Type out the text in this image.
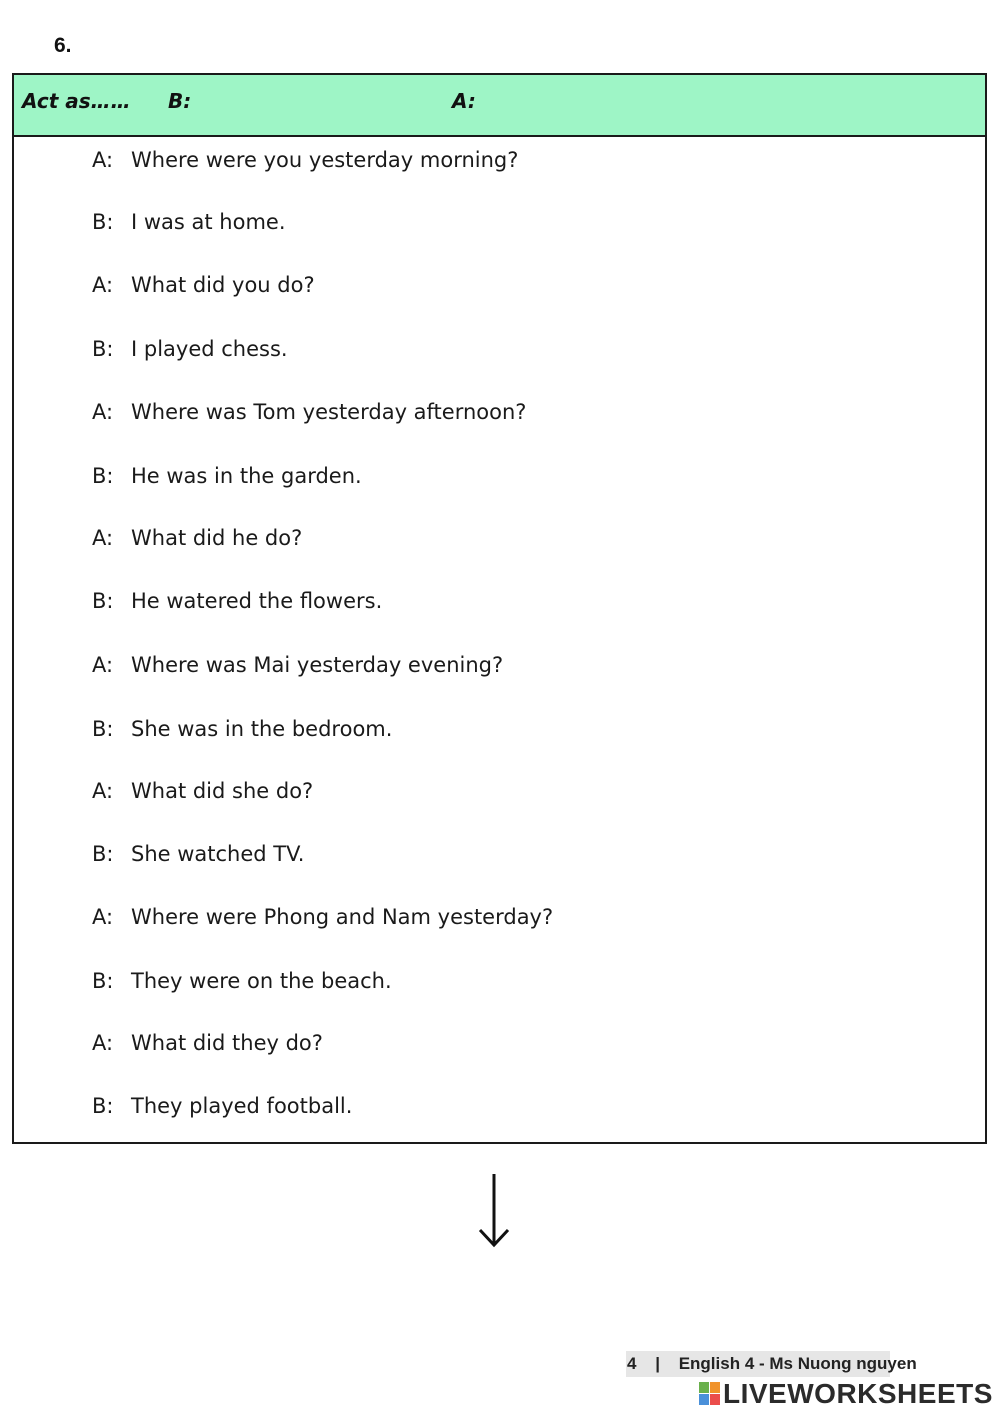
6.
Act as…… B:	A:
A: Where were you yesterday morning?
B: I was at home.
A: What did you do?
B: I played chess.
A: Where was Tom yesterday afternoon?
B: He was in the garden.
A: What did he do?
B: He watered the flowers.
A: Where was Mai yesterday evening?
B: She was in the bedroom.
A: What did she do?
B: She watched TV.
A: Where were Phong and Nam yesterday?
B: They were on the beach.
A: What did they do?
B: They played football.
4 | English 4 - Ms Nuong nguyen
LIVEWORKSHEETS
